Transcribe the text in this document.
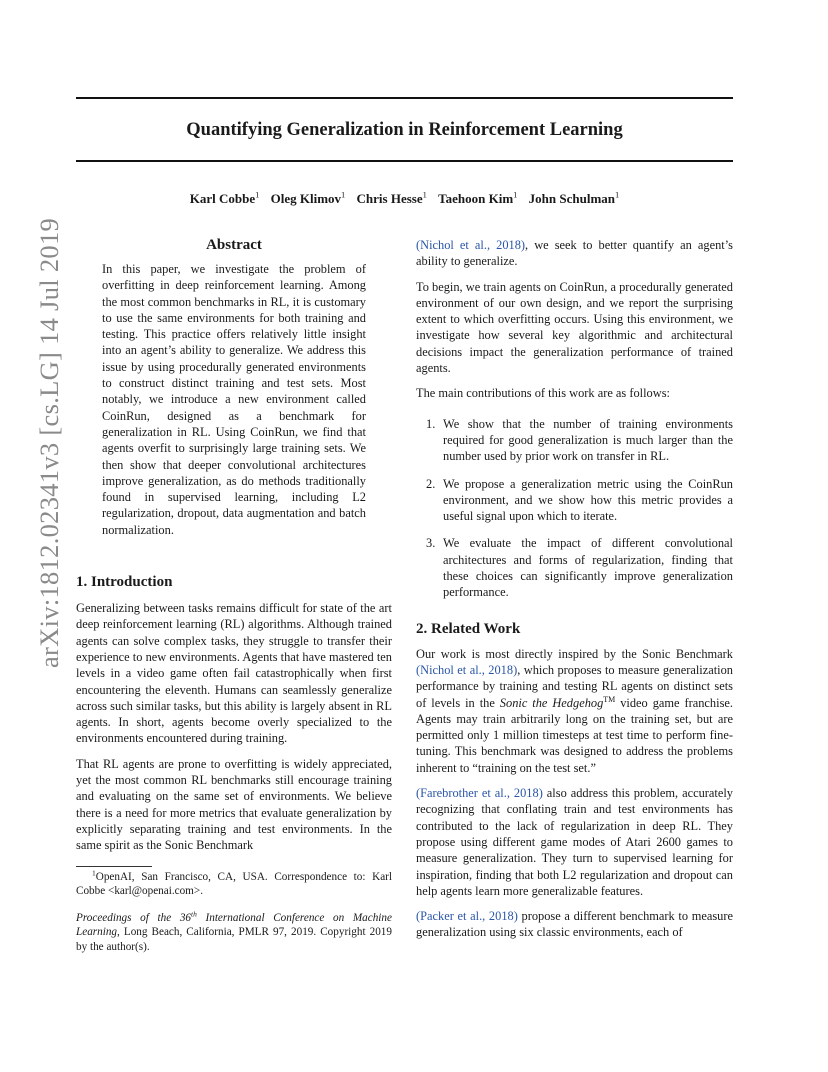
Quantifying Generalization in Reinforcement Learning
Karl Cobbe$^1$ Oleg Klimov$^1$ Chris Hesse$^1$ Taehoon Kim$^1$ John Schulman$^1$
arXiv:1812.02341v3 [cs.LG] 14 Jul 2019	Abstract

In this paper, we investigate the problem of overfitting in deep reinforcement learning. Among the most common benchmarks in RL, it is customary to use the same environments for both training and testing. This practice offers relatively little insight into an agent’s ability to generalize. We address this issue by using procedurally generated environments to construct distinct training and test sets. Most notably, we introduce a new environment called CoinRun, designed as a benchmark for generalization in RL. Using CoinRun, we find that agents overfit to surprisingly large training sets. We then show that deeper convolutional architectures improve generalization, as do methods traditionally found in supervised learning, including L2 regularization, dropout, data augmentation and batch normalization.

1. Introduction

Generalizing between tasks remains difficult for state of the art deep reinforcement learning (RL) algorithms. Although trained agents can solve complex tasks, they struggle to transfer their experience to new environments. Agents that have mastered ten levels in a video game often fail catastrophically when first encountering the eleventh. Humans can seamlessly generalize across such similar tasks, but this ability is largely absent in RL agents. In short, agents become overly specialized to the environments encountered during training.

That RL agents are prone to overfitting is widely appreciated, yet the most common RL benchmarks still encourage training and evaluating on the same set of environments. We believe there is a need for more metrics that evaluate generalization by explicitly separating training and test environments. In the same spirit as the Sonic Benchmark

$^1$OpenAI, San Francisco, CA, USA. Correspondence to: Karl Cobbe <karl@openai.com>.

Proceedings of the 36th International Conference on Machine Learning, Long Beach, California, PMLR 97, 2019. Copyright 2019 by the author(s).

(Nichol et al., 2018), we seek to better quantify an agent’s ability to generalize.

To begin, we train agents on CoinRun, a procedurally generated environment of our own design, and we report the surprising extent to which overfitting occurs. Using this environment, we investigate how several key algorithmic and architectural decisions impact the generalization performance of trained agents.

The main contributions of this work are as follows:

1. We show that the number of training environments required for good generalization is much larger than the number used by prior work on transfer in RL.

2. We propose a generalization metric using the CoinRun environment, and we show how this metric provides a useful signal upon which to iterate.

3. We evaluate the impact of different convolutional architectures and forms of regularization, finding that these choices can significantly improve generalization performance.

2. Related Work

Our work is most directly inspired by the Sonic Benchmark (Nichol et al., 2018), which proposes to measure generalization performance by training and testing RL agents on distinct sets of levels in the Sonic the Hedgehog™ video game franchise. Agents may train arbitrarily long on the training set, but are permitted only 1 million timesteps at test time to perform fine-tuning. This benchmark was designed to address the problems inherent to “training on the test set.”

(Farebrother et al., 2018) also address this problem, accurately recognizing that conflating train and test environments has contributed to the lack of regularization in deep RL. They propose using different game modes of Atari 2600 games to measure generalization. They turn to supervised learning for inspiration, finding that both L2 regularization and dropout can help agents learn more generalizable features.

(Packer et al., 2018) propose a different benchmark to measure generalization using six classic environments, each of
